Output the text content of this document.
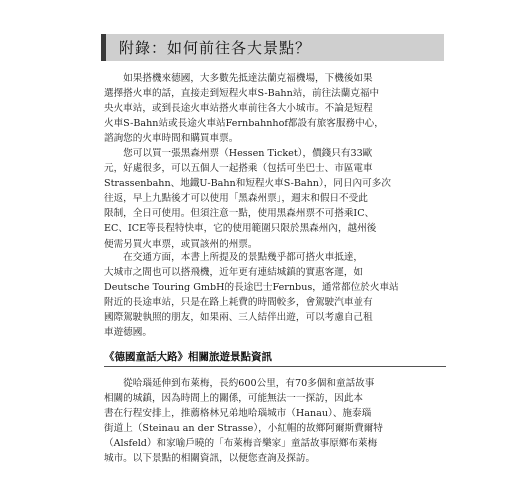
附錄：如何前往各大景點？
　　如果搭機來德國，大多數先抵達法蘭克福機場，下機後如果
選擇搭火車的話，直接走到短程火車S-Bahn站，前往法蘭克福中
央火車站，或到長途火車站搭火車前往各大小城市。不論是短程
火車S-Bahn站或長途火車站Fernbahnhof都設有旅客服務中心，
諮詢您的火車時間和購買車票。
　　您可以買一張黑森州票（Hessen Ticket），價錢只有33歐
元，好處很多，可以五個人一起搭乘（包括可坐巴士、市區電車
Strassenbahn、地鐵U-Bahn和短程火車S-Bahn），同日內可多次
往返，早上九點後才可以使用「黑森州票」，週末和假日不受此
限制，全日可使用。但須注意一點，使用黑森州票不可搭乘IC、
EC、ICE等長程特快車，它的使用範圍只限於黑森州內，越州後
便需另買火車票，或買該州的州票。
　　在交通方面，本書上所提及的景點幾乎都可搭火車抵達，
大城市之間也可以搭飛機，近年更有連結城鎮的實惠客運，如
Deutsche Touring GmbH的長途巴士Fernbus，通常都位於火車站
附近的長途車站，只是在路上耗費的時間較多，會駕駛汽車並有
國際駕駛執照的朋友，如果兩、三人結伴出遊，可以考慮自己租
車遊德國。
《德國童話大路》相關旅遊景點資訊
　　從哈瑙延伸到布萊梅，長約600公里，有70多個和童話故事
相關的城鎮，因為時間上的關係，可能無法一一探訪，因此本
書在行程安排上，推薦格林兄弟地哈瑙城市（Hanau）、施泰瑙
街道上（Steinau an der Strasse），小紅帽的故鄉阿爾斯費爾特
（Alsfeld）和家喻戶曉的「布萊梅音樂家」童話故事原鄉布萊梅
城市。以下景點的相關資訊，以便您查詢及探訪。
